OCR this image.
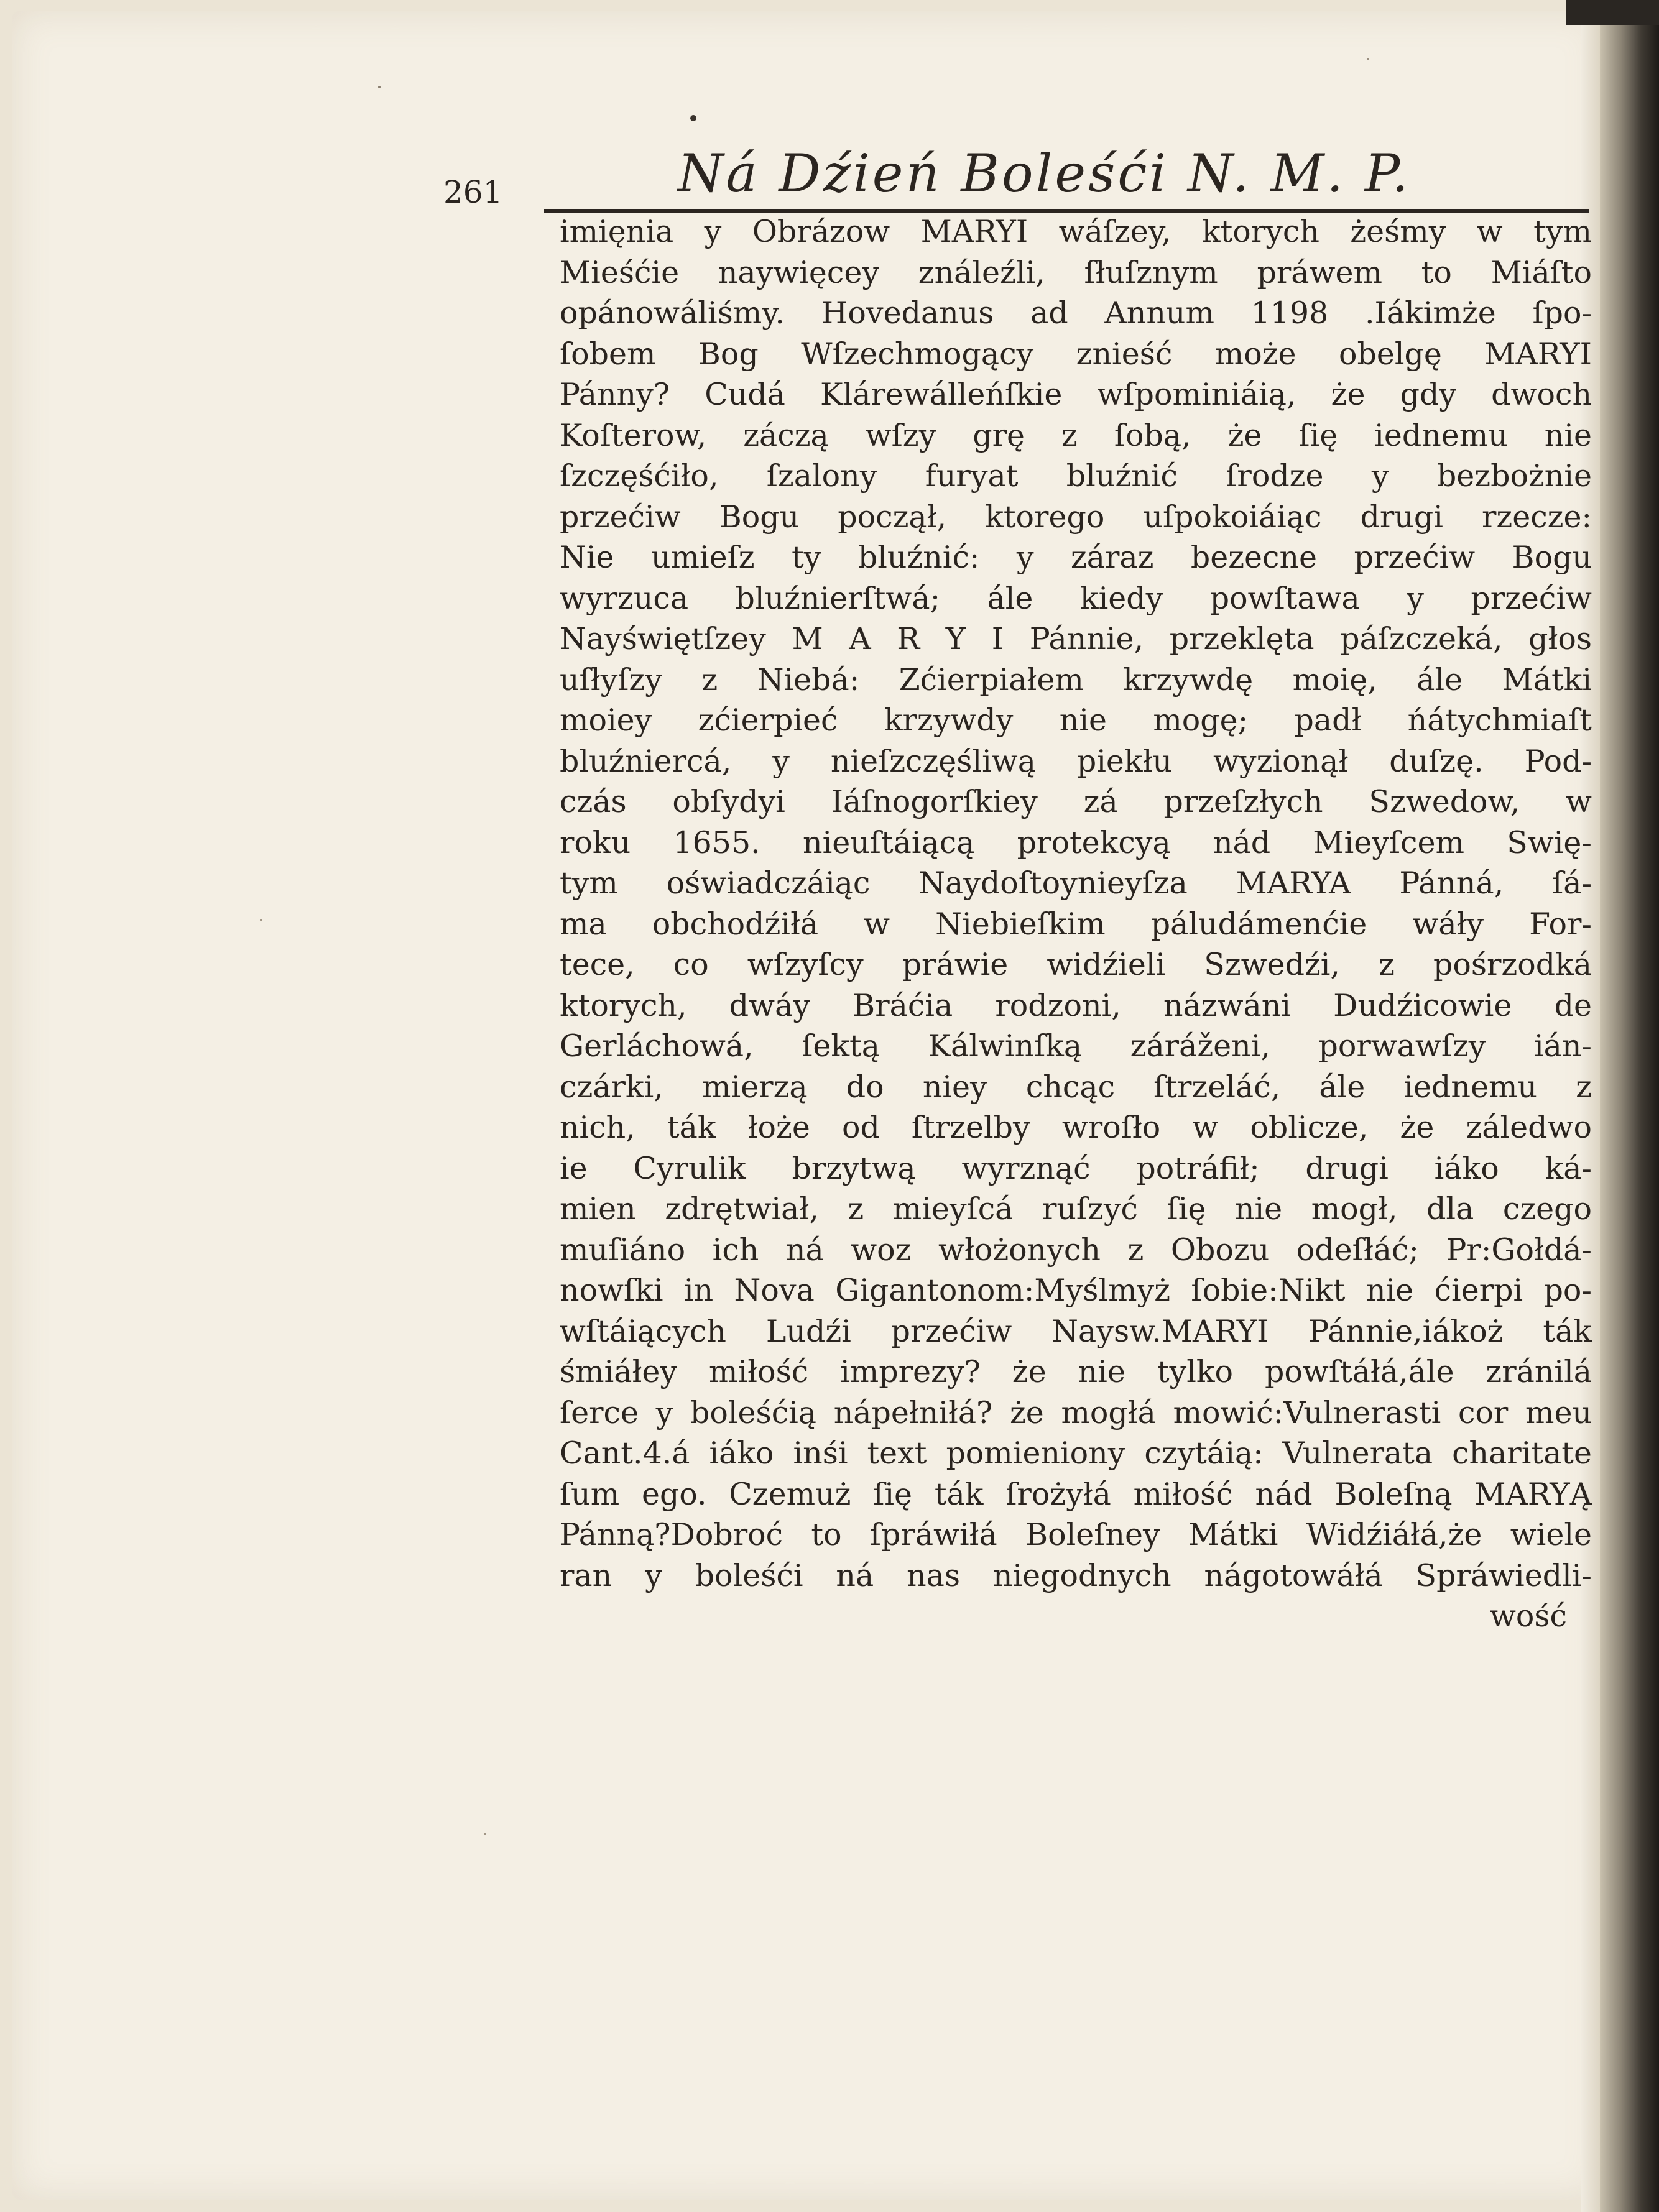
261	Ná Dźień Boleśći N. M. P.
imięnia y Obrázow MARYI wáſzey, ktorych żeśmy w tym
Mieśćie naywięcey ználeźli, ſłuſznym práwem to Miáſto
opánowáliśmy. Hovedanus ad Annum 1198 .Iákimże ſpo-
ſobem Bog Wſzechmogący znieść może obelgę MARYI
Pánny? Cudá Klárewálleńſkie wſpominiáią, że gdy dwoch
Koſterow, záczą wſzy grę z ſobą, że ſię iednemu nie
ſzczęśćiło, ſzalony furyat bluźnić ſrodze y bezbożnie
przećiw Bogu począł, ktorego uſpokoiáiąc drugi rzecze:
Nie umieſz ty bluźnić: y záraz bezecne przećiw Bogu
wyrzuca bluźnierſtwá; ále kiedy powſtawa y przećiw
Nayświętſzey M A R Y I Pánnie, przeklęta páſzczeká, głos
uſłyſzy z Niebá: Zćierpiałem krzywdę moię, ále Mátki
moiey zćierpieć krzywdy nie mogę; padł ńátychmiaſt
bluźniercá, y nieſzczęśliwą piekłu wyzionął duſzę. Pod-
czás obſydyi Iáſnogorſkiey zá przeſzłych Szwedow, w
roku 1655. nieuſtáiącą protekcyą nád Mieyſcem Swię-
tym oświadczáiąc Naydoſtoynieyſza MARYA Pánná, ſá-
ma obchodźiłá w Niebieſkim páludámenćie wáły For-
tece, co wſzyſcy práwie widźieli Szwedźi, z pośrzodká
ktorych, dwáy Bráćia rodzoni, názwáni Dudźicowie de
Gerláchowá, ſektą Kálwinſką záráženi, porwawſzy ián-
czárki, mierzą do niey chcąc ſtrzeláć, ále iednemu z
nich, ták łoże od ſtrzelby wroſło w oblicze, że záledwo
ie Cyrulik brzytwą wyrznąć potráfił; drugi iáko ká-
mien zdrętwiał, z mieyſcá ruſzyć ſię nie mogł, dla czego
muſiáno ich ná woz włożonych z Obozu odeſłáć; Pr:Gołdá-
nowſki in Nova Gigantonom:Myślmyż ſobie:Nikt nie ćierpi po-
wſtáiących Ludźi przećiw Naysw.MARYI Pánnie,iákoż ták
śmiáłey miłość imprezy? że nie tylko powſtáłá,ále zránilá
ſerce y boleśćią nápełniłá? że mogłá mowić:Vulnerasti cor meu
Cant.4.á iáko inśi text pomieniony czytáią: Vulnerata charitate
ſum ego. Czemuż ſię ták ſrożyłá miłość nád Boleſną MARYĄ
Pánną?Dobroć to ſpráwiłá Boleſney Mátki Widźiáłá,że wiele
ran y boleśći ná nas niegodnych nágotowáłá Spráwiedli-
wość
